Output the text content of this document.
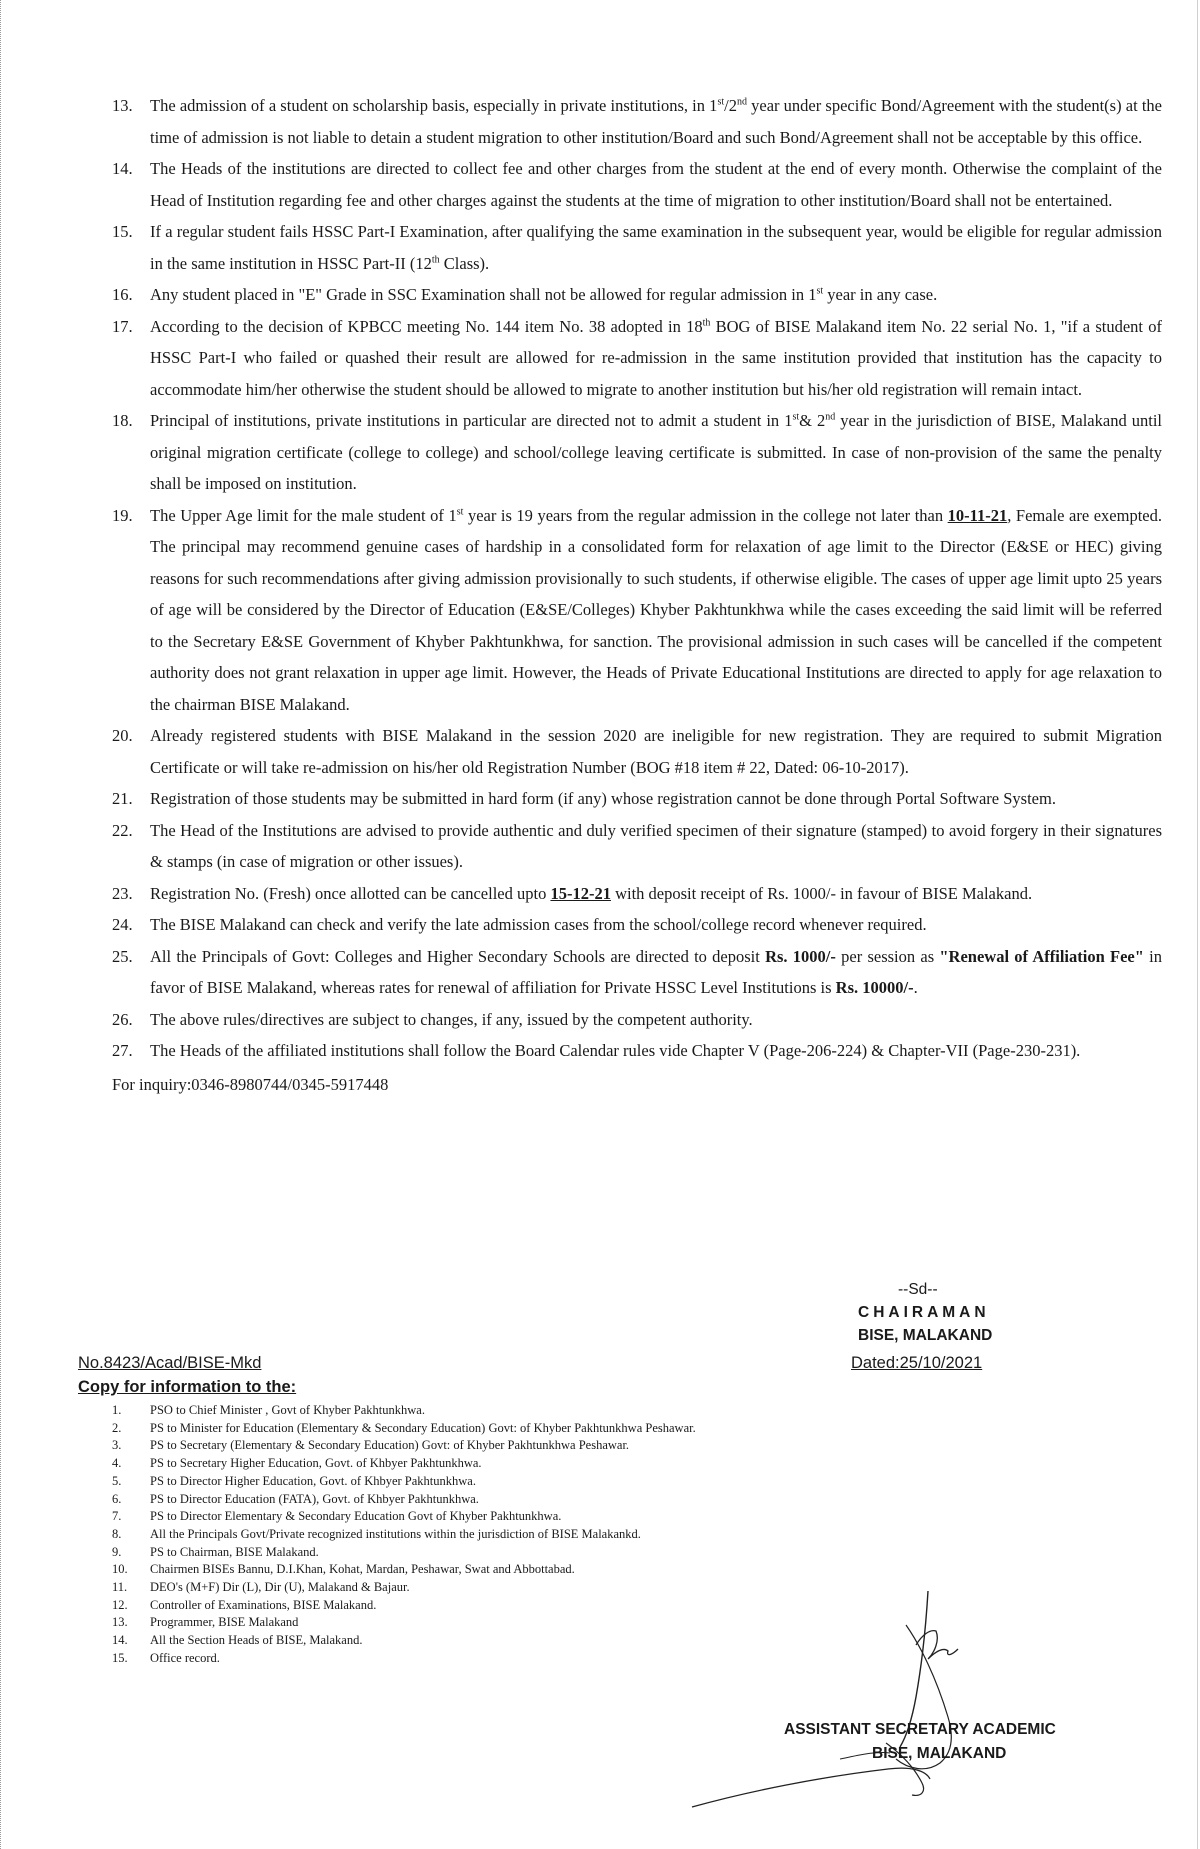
13. The admission of a student on scholarship basis, especially in private institutions, in 1st/2nd year under specific Bond/Agreement with the student(s) at the time of admission is not liable to detain a student migration to other institution/Board and such Bond/Agreement shall not be acceptable by this office.
14. The Heads of the institutions are directed to collect fee and other charges from the student at the end of every month. Otherwise the complaint of the Head of Institution regarding fee and other charges against the students at the time of migration to other institution/Board shall not be entertained.
15. If a regular student fails HSSC Part-I Examination, after qualifying the same examination in the subsequent year, would be eligible for regular admission in the same institution in HSSC Part-II (12th Class).
16. Any student placed in "E" Grade in SSC Examination shall not be allowed for regular admission in 1st year in any case.
17. According to the decision of KPBCC meeting No. 144 item No. 38 adopted in 18th BOG of BISE Malakand item No. 22 serial No. 1, "if a student of HSSC Part-I who failed or quashed their result are allowed for re-admission in the same institution provided that institution has the capacity to accommodate him/her otherwise the student should be allowed to migrate to another institution but his/her old registration will remain intact.
18. Principal of institutions, private institutions in particular are directed not to admit a student in 1st& 2nd year in the jurisdiction of BISE, Malakand until original migration certificate (college to college) and school/college leaving certificate is submitted. In case of non-provision of the same the penalty shall be imposed on institution.
19. The Upper Age limit for the male student of 1st year is 19 years from the regular admission in the college not later than 10-11-21, Female are exempted. The principal may recommend genuine cases of hardship in a consolidated form for relaxation of age limit to the Director (E&SE or HEC) giving reasons for such recommendations after giving admission provisionally to such students, if otherwise eligible. The cases of upper age limit upto 25 years of age will be considered by the Director of Education (E&SE/Colleges) Khyber Pakhtunkhwa while the cases exceeding the said limit will be referred to the Secretary E&SE Government of Khyber Pakhtunkhwa, for sanction. The provisional admission in such cases will be cancelled if the competent authority does not grant relaxation in upper age limit. However, the Heads of Private Educational Institutions are directed to apply for age relaxation to the chairman BISE Malakand.
20. Already registered students with BISE Malakand in the session 2020 are ineligible for new registration. They are required to submit Migration Certificate or will take re-admission on his/her old Registration Number (BOG #18 item # 22, Dated: 06-10-2017).
21. Registration of those students may be submitted in hard form (if any) whose registration cannot be done through Portal Software System.
22. The Head of the Institutions are advised to provide authentic and duly verified specimen of their signature (stamped) to avoid forgery in their signatures & stamps (in case of migration or other issues).
23. Registration No. (Fresh) once allotted can be cancelled upto 15-12-21 with deposit receipt of Rs. 1000/- in favour of BISE Malakand.
24. The BISE Malakand can check and verify the late admission cases from the school/college record whenever required.
25. All the Principals of Govt: Colleges and Higher Secondary Schools are directed to deposit Rs. 1000/- per session as "Renewal of Affiliation Fee" in favor of BISE Malakand, whereas rates for renewal of affiliation for Private HSSC Level Institutions is Rs. 10000/-.
26. The above rules/directives are subject to changes, if any, issued by the competent authority.
27. The Heads of the affiliated institutions shall follow the Board Calendar rules vide Chapter V (Page-206-224) & Chapter-VII (Page-230-231).
For inquiry:0346-8980744/0345-5917448
--Sd--
CHAIRAMAN
BISE, MALAKAND
No.8423/Acad/BISE-Mkd	Dated:25/10/2021
Copy for information to the:
1. PSO to Chief Minister , Govt of Khyber Pakhtunkhwa.
2. PS to Minister for Education (Elementary & Secondary Education) Govt: of Khyber Pakhtunkhwa Peshawar.
3. PS to Secretary (Elementary & Secondary Education) Govt: of Khyber Pakhtunkhwa Peshawar.
4. PS to Secretary Higher Education, Govt. of Khbyer Pakhtunkhwa.
5. PS to Director Higher Education, Govt. of Khbyer Pakhtunkhwa.
6. PS to Director Education (FATA), Govt. of Khbyer Pakhtunkhwa.
7. PS to Director Elementary & Secondary Education Govt of Khyber Pakhtunkhwa.
8. All the Principals Govt/Private recognized institutions within the jurisdiction of BISE Malakankd.
9. PS to Chairman, BISE Malakand.
10. Chairmen BISEs Bannu, D.I.Khan, Kohat, Mardan, Peshawar, Swat and Abbottabad.
11. DEO's (M+F) Dir (L), Dir (U), Malakand & Bajaur.
12. Controller of Examinations, BISE Malakand.
13. Programmer, BISE Malakand
14. All the Section Heads of BISE, Malakand.
15. Office record.
ASSISTANT SECRETARY ACADEMIC
BISE, MALAKAND
